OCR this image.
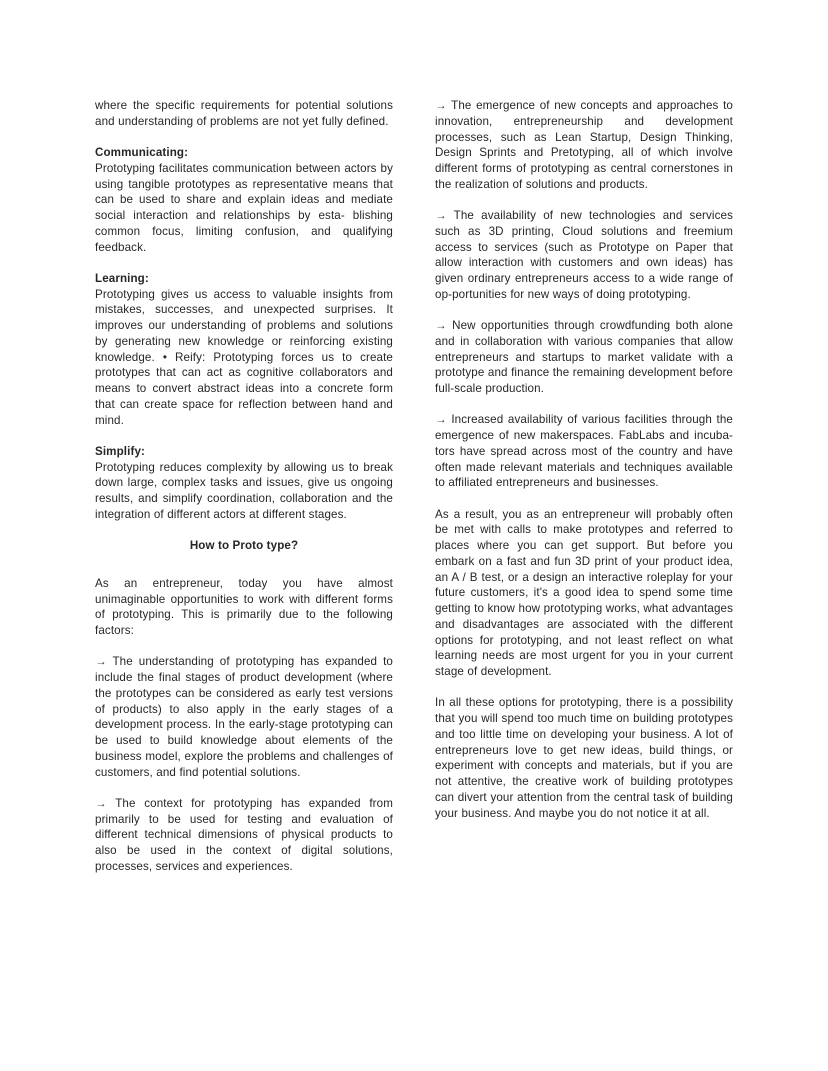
where the specific requirements for potential solutions and understanding of problems are not yet fully defined.

Communicating:

Prototyping facilitates communication between actors by using tangible prototypes as representative means that can be used to share and explain ideas and mediate social interaction and relationships by esta- blishing common focus, limiting confusion, and qualifying feedback.

Learning:

Prototyping gives us access to valuable insights from mistakes, successes, and unexpected surprises. It improves our understanding of problems and solutions by generating new knowledge or reinforcing existing knowledge. • Reify: Prototyping forces us to create prototypes that can act as cognitive collaborators and means to convert abstract ideas into a concrete form that can create space for reflection between hand and mind.

Simplify:

Prototyping reduces complexity by allowing us to break down large, complex tasks and issues, give us ongoing results, and simplify coordination, collaboration and the integration of different actors at different stages.

How to Proto type?

As an entrepreneur, today you have almost unimaginable opportunities to work with different forms of prototyping. This is primarily due to the following factors:

→ The understanding of prototyping has expanded to include the final stages of product development (where the prototypes can be considered as early test versions of products) to also apply in the early stages of a development process. In the early-stage prototyping can be used to build knowledge about elements of the business model, explore the problems and challenges of customers, and find potential solutions.

→ The context for prototyping has expanded from primarily to be used for testing and evaluation of different technical dimensions of physical products to also be used in the context of digital solutions, processes, services and experiences.

→ The emergence of new concepts and approaches to innovation, entrepreneurship and development processes, such as Lean Startup, Design Thinking, Design Sprints and Pretotyping, all of which involve different forms of prototyping as central cornerstones in the realization of solutions and products.

→ The availability of new technologies and services such as 3D printing, Cloud solutions and freemium access to services (such as Prototype on Paper that allow interaction with customers and own ideas) has given ordinary entrepreneurs access to a wide range of op-portunities for new ways of doing prototyping.

→ New opportunities through crowdfunding both alone and in collaboration with various companies that allow entrepreneurs and startups to market validate with a prototype and finance the remaining development before full-scale production.

→ Increased availability of various facilities through the emergence of new makerspaces. FabLabs and incuba- tors have spread across most of the country and have often made relevant materials and techniques available to affiliated entrepreneurs and businesses.

As a result, you as an entrepreneur will probably often be met with calls to make prototypes and referred to places where you can get support. But before you embark on a fast and fun 3D print of your product idea, an A / B test, or a design an interactive roleplay for your future customers, it's a good idea to spend some time getting to know how prototyping works, what advantages and disadvantages are associated with the different options for prototyping, and not least reflect on what learning needs are most urgent for you in your current stage of development.

In all these options for prototyping, there is a possibility that you will spend too much time on building prototypes and too little time on developing your business. A lot of entrepreneurs love to get new ideas, build things, or experiment with concepts and materials, but if you are not attentive, the creative work of building prototypes can divert your attention from the central task of building your business. And maybe you do not notice it at all.
